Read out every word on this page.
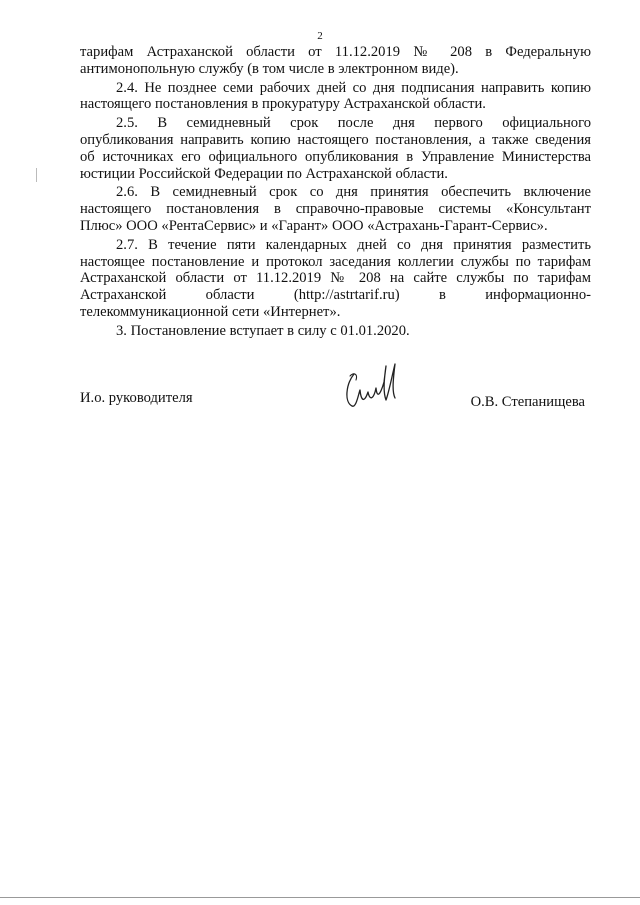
2

тарифам Астраханской области от 11.12.2019 № 208 в Федеральную
антимонопольную службу (в том числе в электронном виде).

2.4. Не позднее семи рабочих дней со дня подписания направить копию
настоящего постановления в прокуратуру Астраханской области.

2.5. В семидневный срок после дня первого официального
опубликования направить копию настоящего постановления, а также сведения
об источниках его официального опубликования в Управление Министерства
юстиции Российской Федерации по Астраханской области.

2.6. В семидневный срок со дня принятия обеспечить включение
настоящего постановления в справочно-правовые системы «Консультант
Плюс» ООО «РентаСервис» и «Гарант» ООО «Астрахань-Гарант-Сервис».

2.7. В течение пяти календарных дней со дня принятия разместить
настоящее постановление и протокол заседания коллегии службы по тарифам
Астраханской области от 11.12.2019 № 208 на сайте службы по тарифам
Астраханской области (http://astrtarif.ru) в информационно-
телекоммуникационной сети «Интернет».

3. Постановление вступает в силу с 01.01.2020.

И.о. руководителя	О.В. Степанищева
